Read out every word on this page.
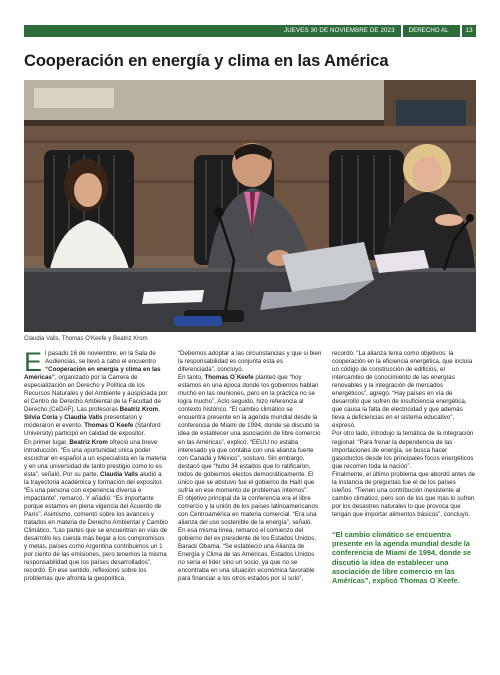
JUEVES 30 DE NOVIEMBRE DE 2023	DERECHO AL DÍA Nº 400
13
Cooperación en energía y clima en las América
Claudia Valls, Thomas O'Keefe y Beatriz Krom

El pasado 16 de noviembre, en la Sala de Audiencias, se llevó a cabo el encuentro “Cooperación en energía y clima en las Américas”, organizado por la Carrera de especialización en Derecho y Política de los Recursos Naturales y del Ambiente y auspiciada por el Centro de Derecho Ambiental de la Facultad de Derecho (CeDAF). Las profesoras Beatriz Krom, Silvia Coria y Claudia Valls presentaron y moderaron el evento. Thomas O´Keefe (Stanford University) participó en calidad de expositor.

En primer lugar, Beatriz Krom ofreció una breve introducción. “Es una oportunidad única poder escuchar en español a un especialista en la materia y en una universidad de tanto prestigio como lo es ésta”, señaló. Por su parte, Claudia Valls aludió a la trayectoria académica y formación del expositor. “Es una persona con experiencia diversa e impactante”, remarcó. Y añadió: “Es importante porque estamos en plena vigencia del Acuerdo de París”. Asimismo, comentó sobre los avances y tratados en materia de Derecho Ambiental y Cambio Climático. “Las partes que se encuentran en vías de desarrollo les cuesta más llegar a los compromisos y metas, países como Argentina contribuimos un 1 por ciento de las emisiones, pero tenemos la misma responsabilidad que los países desarrollados”, recordó. En ese sentido, reflexionó sobre los problemas que afronta la geopolítica.

“Debemos adoptar a las circunstancias y que si bien la responsabilidad es conjunta esta es diferenciada”, concluyó.

En tanto, Thomas O´Keefe planteó que “hoy estamos en una época donde los gobiernos hablan mucho en las reuniones, pero en la práctica no se logra mucho”. Acto seguido, hizo referencia al contexto histórico. “El cambio climático se encuentra presente en la agenda mundial desde la conferencia de Miami de 1994, donde se discutió la idea de establecer una asociación de libre comercio en las Américas”, explicó. “EEUU no estaba interesado ya que contaba con una alianza fuerte con Canadá y México”, sostuvo. Sin embargo, destacó que “hubo 34 estados que lo ratificaron, todos de gobiernos electos democráticamente. El único que se abstuvo fue el gobierno de Haití que sufría en ese momento de problemas internos”.

El objetivo principal de la conferencia era el libre comercio y la unión de los países latinoamericanos con Centroamérica en materia comercial. “Era una alianza del uso sostenible de la energía”, señaló.

En esa misma línea, remarcó el comienzo del gobierno del ex presidente de los Estados Unidos, Barack Obama. “Se estableció una Alianza de Energía y Clima de las Américas. Estados Unidos no sería el líder sino un socio, ya que no se encontraba en una situación económica favorable para financiar a los otros estados por sí solo”,

recordó. “La alianza tenía como objetivos: la cooperación en la eficiencia energética, que incluía un código de construcción de edificios, el intercambio de conocimiento de las energías renovables y la integración de mercados energéticos”, agregó. “Hay países en vía de desarrollo que sufren de insuficiencia energética, que causa la falta de electricidad y que además lleva a deficiencias en el sistema educativo”, expresó.

Por otro lado, introdujo la temática de la integración regional: “Para frenar la dependencia de las importaciones de energía, se busca hacer gasoductos desde los principales focos energéticos que recorren toda la nación”.

Finalmente, el último problema que abordó antes de la instancia de preguntas fue el de los países isleños. “Tienen una contribución inexistente al cambio climático, pero son de los que más lo sufren por los desastres naturales lo que provoca que tengan que importar alimentos básicos”, concluyó.

“El cambio climático se encuentra presente en la agenda mundial desde la conferencia de Miami de 1994, donde se discutió la idea de establecer una asociación de libre comercio en las Américas”, explicó Thomas O´Keefe.
